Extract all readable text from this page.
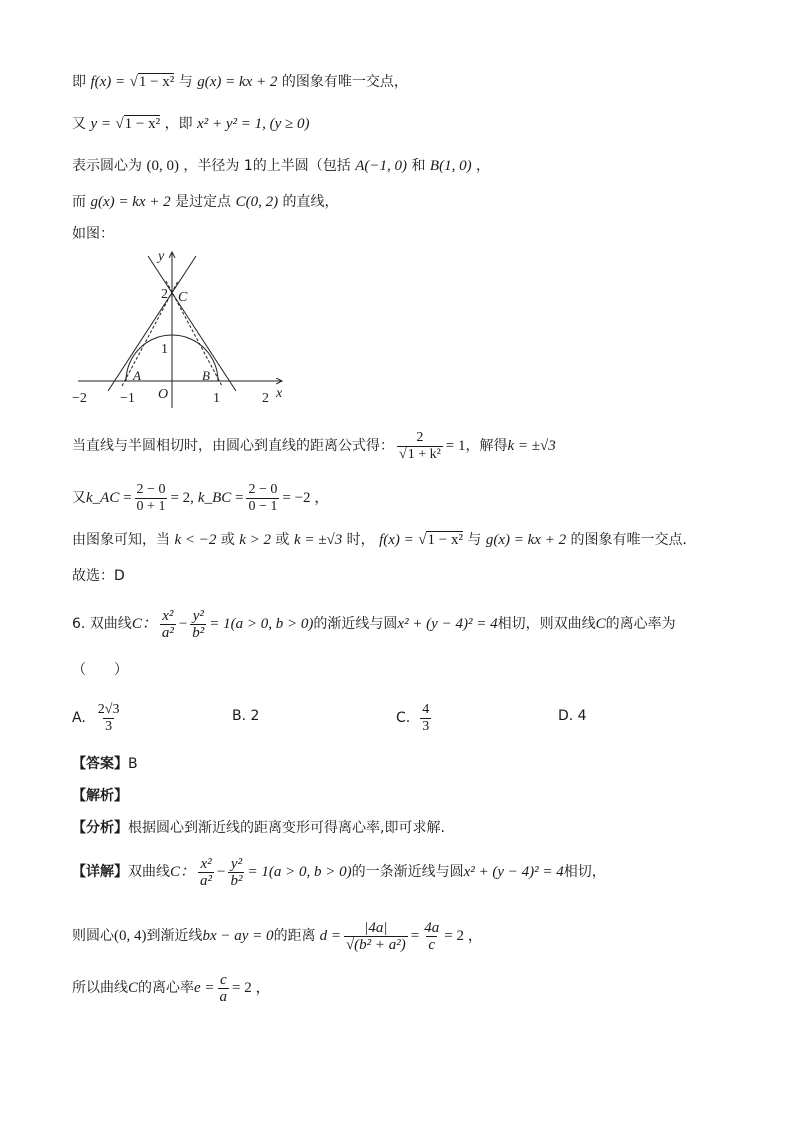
即 f(x) = √1 − x² 与 g(x) = kx + 2 的图象有唯一交点，
又 y = √1 − x² ，即 x² + y² = 1, (y ≥ 0)
表示圆心为 (0, 0) ，半径为 1的上半圆（包括 A(−1, 0) 和 B(1, 0) ，
而 g(x) = kx + 2 是过定点 C(0, 2) 的直线，
如图：
y
x
2 C
1
A	B
O
−2 −1	1	2
当直线与半圆相切时，由圆心到直线的距离公式得： $\frac{2}{\text{√1 + k²}} = 1$ ，解得 k = ±√3
又 k_AC = $\frac{2 - 0}{0 + 1} = 2$, k_BC = $\frac{2 - 0}{0 - 1} = -2$ ，
由图象可知，当 k < −2 或 k > 2 或 k = ±√3 时， f(x) = √1 − x² 与 g(x) = kx + 2 的图象有唯一交点．
故选：D
6. 双曲线 C： $\frac{\text{x²}}{\text{a²}} - \frac{\text{y²}}{\text{b²}} = 1(a > 0$, b > 0) 的渐近线与圆 x² + (y − 4)² = 4 相切，则双曲线 C 的离心率为
（　　）
A. $\frac{2√3}{3}$	B. 2	C. $\frac{4}{3}$	D. 4
【答案】B
【解析】
【分析】根据圆心到渐近线的距离变形可得离心率,即可求解.
【详解】 双曲线 C： $\frac{\text{x²}}{\text{a²}} - \frac{\text{y²}}{\text{b²}} = 1(a > 0$, b > 0) 的一条渐近线与圆 x² + (y − 4)² = 4 相切，
则圆心 (0, 4) 到渐近线 bx − ay = 0 的距离 $d = \frac{|4a|}{\text{√(b² + a²)}} = \frac{4a}{c} = 2$ ，
所以曲线 C 的离心率 $e = \frac{c}{a} = 2$ ，
